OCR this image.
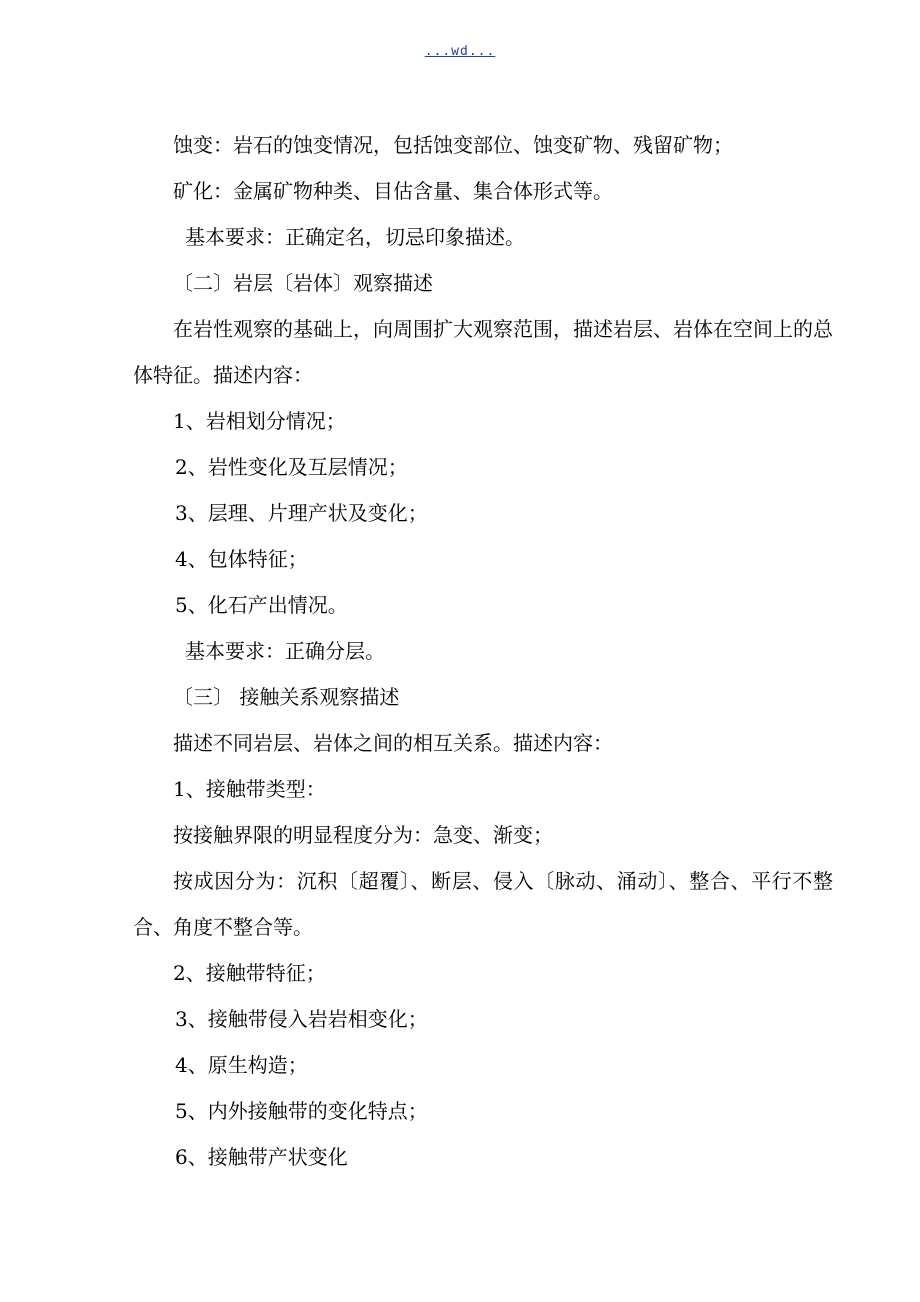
...wd...

蚀变：岩石的蚀变情况，包括蚀变部位、蚀变矿物、残留矿物；

矿化：金属矿物种类、目估含量、集合体形式等。

基本要求：正确定名，切忌印象描述。

〔二〕岩层〔岩体〕观察描述

在岩性观察的基础上，向周围扩大观察范围，描述岩层、岩体在空间上的总体特征。描述内容：

1、岩相划分情况；

2、岩性变化及互层情况；

3、层理、片理产状及变化；

4、包体特征；

5、化石产出情况。

基本要求：正确分层。

〔三〕 接触关系观察描述

描述不同岩层、岩体之间的相互关系。描述内容：

1、接触带类型：

按接触界限的明显程度分为：急变、渐变；

按成因分为：沉积〔超覆〕、断层、侵入〔脉动、涌动〕、整合、平行不整合、角度不整合等。

2、接触带特征；

3、接触带侵入岩岩相变化；

4、原生构造；

5、内外接触带的变化特点；

6、接触带产状变化
